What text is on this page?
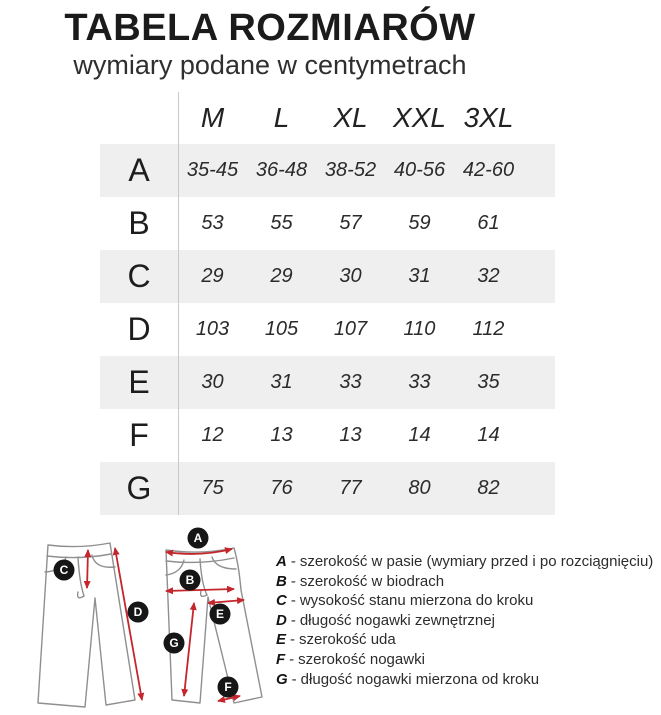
TABELA ROZMIARÓW
wymiary podane w centymetrach
M	L	XL XXL 3XL
A	35-45 36-48 38-52 40-56 42-60
B	53	55	57	59	61
C	29	29	30	31	32
D	103	105	107	110	112
E	30	31	33	33	35
F	12	13	13	14	14
G	75	76	77	80	82
C
D
A
B
E
G
F
A - szerokość w pasie (wymiary przed i po rozciągnięciu)
B - szerokość w biodrach
C - wysokość stanu mierzona do kroku
D - długość nogawki zewnętrznej
E - szerokość uda
F - szerokość nogawki
G - długość nogawki mierzona od kroku
